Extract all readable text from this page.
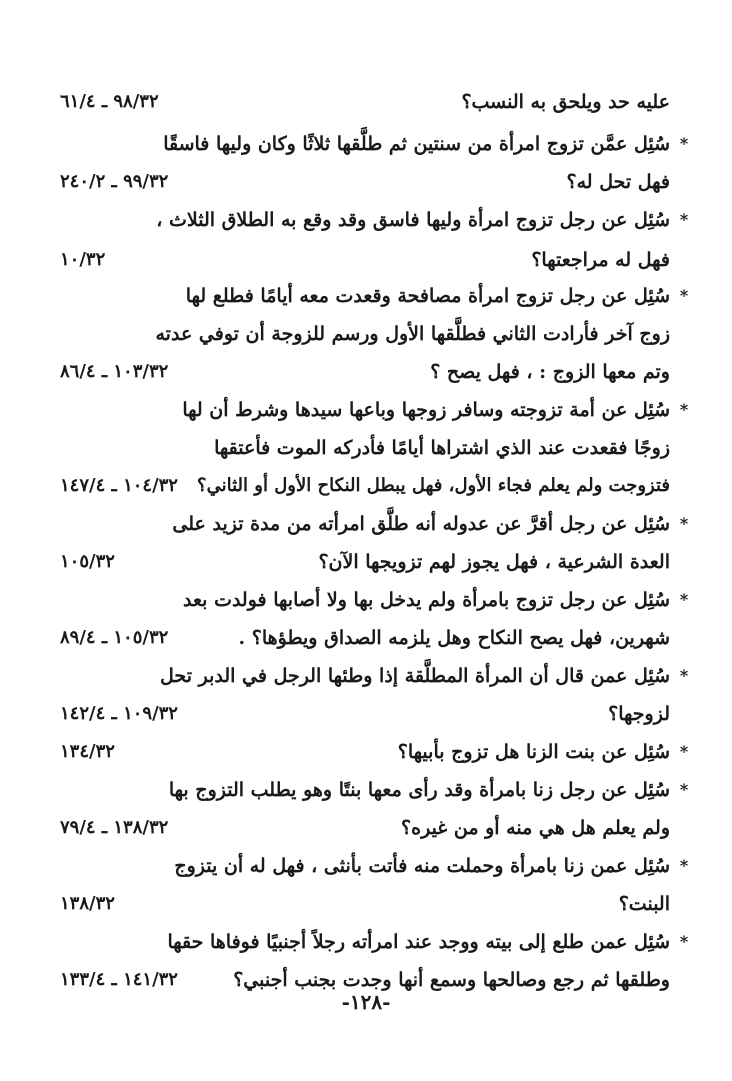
عليه حد ويلحق به النسب؟
٩٨/٣٢ ـ ٦١/٤
*
سُئِل عمَّن تزوج امرأة من سنتين ثم طلَّقها ثلاثًا وكان وليها فاسقًا
فهل تحل له؟
٩٩/٣٢ ـ ٢٤٠/٢
*
سُئِل عن رجل تزوج امرأة وليها فاسق وقد وقع به الطلاق الثلاث ،
فهل له مراجعتها؟
١٠/٣٢
*
سُئِل عن رجل تزوج امرأة مصافحة وقعدت معه أيامًا فطلع لها
زوج آخر فأرادت الثاني فطلَّقها الأول ورسم للزوجة أن توفي عدته
وتم معها الزوج : ، فهل يصح ؟
١٠٣/٣٢ ـ ٨٦/٤
*
سُئِل عن أمة تزوجته وسافر زوجها وباعها سيدها وشرط أن لها
زوجًا فقعدت عند الذي اشتراها أيامًا فأدركه الموت فأعتقها
فتزوجت ولم يعلم فجاء الأول، فهل يبطل النكاح الأول أو الثاني؟
١٠٤/٣٢ ـ ١٤٧/٤
*
سُئِل عن رجل أقرَّ عن عدوله أنه طلَّق امرأته من مدة تزيد على
العدة الشرعية ، فهل يجوز لهم تزويجها الآن؟
١٠٥/٣٢
*
سُئِل عن رجل تزوج بامرأة ولم يدخل بها ولا أصابها فولدت بعد
شهرين، فهل يصح النكاح وهل يلزمه الصداق ويطؤها؟ .
١٠٥/٣٢ ـ ٨٩/٤
*
سُئِل عمن قال أن المرأة المطلَّقة إذا وطئها الرجل في الدبر تحل
لزوجها؟
١٠٩/٣٢ ـ ١٤٢/٤
*
سُئِل عن بنت الزنا هل تزوج بأبيها؟
١٣٤/٣٢
*
سُئِل عن رجل زنا بامرأة وقد رأى معها بنتًا وهو يطلب التزوج بها
ولم يعلم هل هي منه أو من غيره؟
١٣٨/٣٢ ـ ٧٩/٤
*
سُئِل عمن زنا بامرأة وحملت منه فأتت بأنثى ، فهل له أن يتزوج
البنت؟
١٣٨/٣٢
*
سُئِل عمن طلع إلى بيته ووجد عند امرأته رجلاً أجنبيًا فوفاها حقها
وطلقها ثم رجع وصالحها وسمع أنها وجدت بجنب أجنبي؟
١٤١/٣٢ ـ ١٣٣/٤
-١٢٨-
